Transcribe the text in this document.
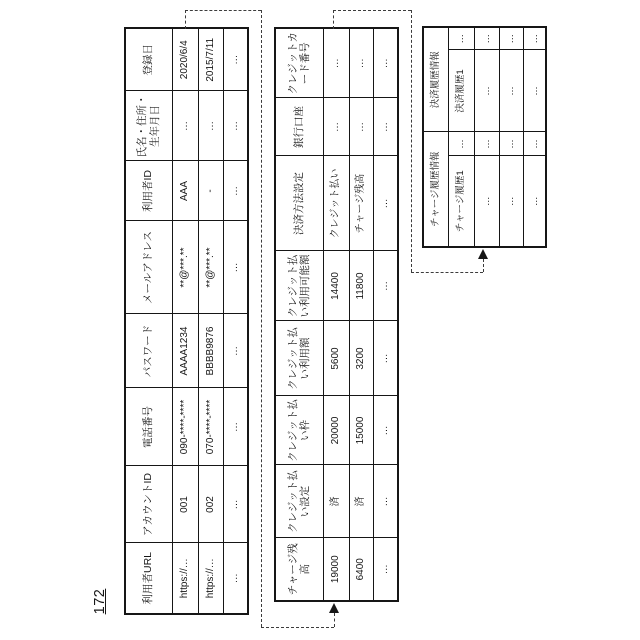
172	利用者URL	アカウントID	電話番号	パスワード	メールアドレス	利用者ID	氏名・住所・生年月日	登録日
https://…	001	090-****-****	AAAA1234	**@***.**	AAA	…	2020/6/4
https://…	002	070-****-****	BBBB9876	**@***.**	-	…	2015/7/11
…	…	…	…	…	…	…	…
チャージ残高	クレジット払い設定	クレジット払い枠	クレジット払い利用額	クレジット払い利用可能額	決済方法設定	銀行口座	クレジットカード番号
19000	済	20000	5600	14400	クレジット払い	…	…
6400	済	15000	3200	11800	チャージ残高	…	…
…	…	…	…	…	…	…	…
チャージ履歴情報		決済履歴情報	
チャージ履歴1	…	決済履歴1	…
…	…	…	…
…	…	…	…
…	…	…	…
